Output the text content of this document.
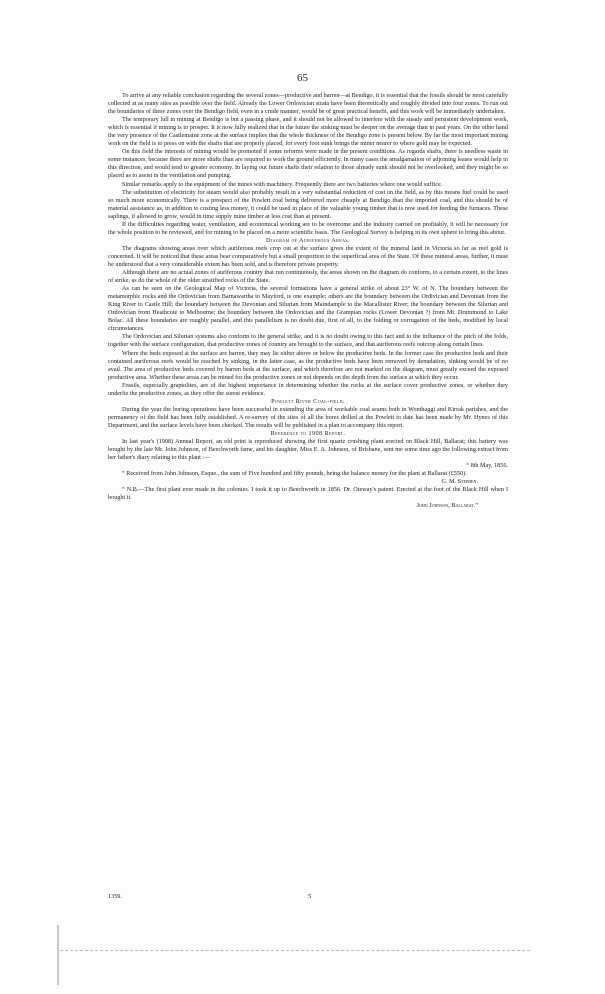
65

To arrive at any reliable conclusion regarding the several zones—productive and barren—at Bendigo, it is essential that the fossils should be most carefully collected at as many sites as possible over the field. Already the Lower Ordovician strata have been theoretically and roughly divided into four zones. To run out the boundaries of these zones over the Bendigo field, even in a crude manner, would be of great practical benefit, and this work will be immediately undertaken.

The temporary lull in mining at Bendigo is but a passing phase, and it should not be allowed to interfere with the steady and persistent development work, which is essential if mining is to prosper. It is now fully realized that in the future the sinking must be deeper on the average than in past years. On the other hand the very presence of the Castlemaine zone at the surface implies that the whole thickness of the Bendigo zone is present below. By far the most important mining work on the field is to press on with the shafts that are properly placed, for every foot sunk brings the miner nearer to where gold may be expected.

On this field the interests of mining would be promoted if some reforms were made in the present conditions. As regards shafts, there is needless waste in some instances, because there are more shafts than are required to work the ground efficiently. In many cases the amalgamation of adjoining leases would help in this direction, and would tend to greater economy. In laying out future shafts their relation to those already sunk should not be overlooked, and they might be so placed as to assist in the ventilation and pumping.

Similar remarks apply to the equipment of the mines with machinery. Frequently there are two batteries where one would suffice.

The substitution of electricity for steam would also probably result in a very substantial reduction of cost on the field, as by this means fuel could be used so much more economically. There is a prospect of the Powlett coal being delivered more cheaply at Bendigo than the imported coal, and this should be of material assistance as, in addition to costing less money, it could be used in place of the valuable young timber that is now used for feeding the furnaces. These saplings, if allowed to grow, would in time supply mine timber at less cost than at present.

If the difficulties regarding water, ventilation, and economical working are to be overcome and the industry carried on profitably, it will be necessary for the whole position to be reviewed, and for mining to be placed on a more scientific basis. The Geological Survey is helping in its own sphere to bring this about.

Diagram of Auriferous Areas.

The diagrams showing areas over which auriferous reefs crop out at the surface gives the extent of the mineral land in Victoria so far as reef gold is concerned. It will be noticed that these areas bear comparatively but a small proportion to the superficial area of the State. Of these mineral areas, further, it must be understood that a very considerable extent has been sold, and is therefore private property.

Although there are no actual zones of auriferous country that run continuously, the areas shown on the diagram do conform, to a certain extent, to the lines of strike, as do the whole of the older stratified rocks of the State.

As can be seen on the Geological Map of Victoria, the several formations have a general strike of about 23° W. of N. The boundary between the metamorphic rocks and the Ordovician from Barnawartha to Mayford, is one example; others are the boundary between the Ordivician and Devonian from the King River to Castle Hill; the boundary between the Devonian and Silurian from Maindample to the Macallister River; the boundary between the Silurian and Ordovician from Heathcote to Melbourne; the boundary between the Ordovician and the Grampian rocks (Lower Devonian ?) from Mt. Drummond to Lake Bolac. All these boundaries are roughly parallel, and this parallelism is no doubt due, first of all, to the folding or corrugation of the beds, modified by local circumstances.

The Ordovician and Silurian systems also conform to the general strike, and it is no doubt owing to this fact and to the influence of the pitch of the folds, together with the surface configuration, that productive zones of country are brought to the surface, and that auriferous reefs outcrop along certain lines.

Where the beds exposed at the surface are barren, they may lie either above or below the productive beds. In the former case the productive beds and their contained auriferous reefs would be reached by sinking, in the latter case, as the productive beds have been removed by denudation, sinking would be of no avail. The area of productive beds covered by barren beds at the surface, and which therefore are not marked on the diagram, must greatly exceed the exposed productive area. Whether these areas can be mined for the productive zones or not depends on the depth from the surface at which they occur.

Fossils, especially graptolites, are of the highest importance in determining whether the rocks at the surface cover productive zones, or whether they underlie the productive zones, as they offer the surest evidence.

Powlett River Coal-field.

During the year the boring operations have been successful in extending the area of workable coal seams both in Wonthaggi and Kirrak parishes, and the permanency of the field has been fully established. A re-survey of the sites of all the bores drilled at the Powlett to date has been made by Mr. Hynes of this Department, and the surface levels have been checked. The results will be published in a plan to accompany this report.

Reference to 1908 Report.

In last year's (1908) Annual Report, an old print is reproduced showing the first quartz crushing plant erected on Black Hill, Ballarat; this battery was bought by the late Mr. John Johnson, of Beechworth fame, and his daughter, Miss E. A. Johnson, of Brisbane, sent me some time ago the following extract from her father's diary relating to this plant :—

“ 8th May, 1856.

“ Received from John Johnson, Esque., the sum of Five hundred and fifty pounds, being the balance money for the plant at Ballarat (£550).

G. M. Stephen.

“ N.B.—The first plant ever made in the colonies. I took it up to Beechworth in 1856. Dr. Oteway's patent. Erected at the foot of the Black Hill when I bought it.

John Johnson, Ballarat.”

1359.	5
